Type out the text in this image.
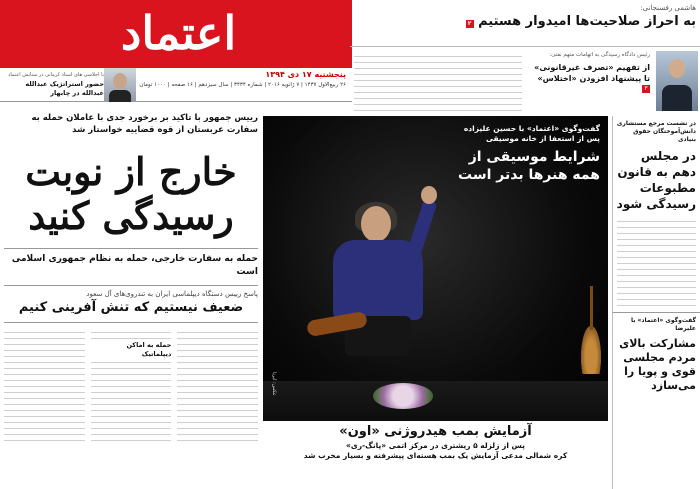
اعتماد
پنجشنبه ۱۷ دی ۱۳۹۴
۲۶ ربیع‌الاول ۱۴۳۷ | ۷ ژانویه ۲۰۱۶ | شماره ۳۴۳۴ | سال سیزدهم | ۱۶ صفحه | ۱۰۰۰ تومان
با اجلاسی های استاد کرمانی در ستایش اعتماد
حضور استراتژیک عبدالله عبدالله در چابهار
هاشمی رفسنجانی:
به احراز صلاحیت‌ها امیدوار هستیم ۲
رئیس دادگاه رسیدگی به اتهامات متهم نفتی:
از تفهیم «تصرف غیرقانونی» تا پیشنهاد افزودن «اختلاس»
۳
رییس جمهور با تاکید بر برخورد جدی با عاملان حمله به سفارت عربستان از قوه قضاییه خواستار شد
خارج از نوبت رسیدگی کنید
حمله به سفارت خارجی، حمله به نظام جمهوری اسلامی است
پاسخ رییس دستگاه دیپلماسی ایران به تندروی‌های آل سعود
ضعیف نیستیم که تنش آفرینی کنیم
حمله به اماکن دیپلماتیک
عکس: ایرنا
گفت‌وگوی «اعتماد» با حسین علیزاده پس از استعفا از خانه موسیقی
شرایط موسیقی از همه هنرها بدتر است
آزمایش بمب هیدروژنی «اون»
پس از زلزله ۵ ریشتری در مرکز اتمی «پانگ-ری»
کره شمالی مدعی آزمایش یک بمب هسته‌ای پیشرفته و بسیار مخرب شد
در نشست مرجع مستشاری دانش‌آموختگان حقوق بنیادی
در مجلس دهم به قانون مطبوعات رسیدگی شود
گفت‌وگوی «اعتماد» با علیرضا
مشارکت بالای مردم مجلسی قوی و پویا را می‌سازد
